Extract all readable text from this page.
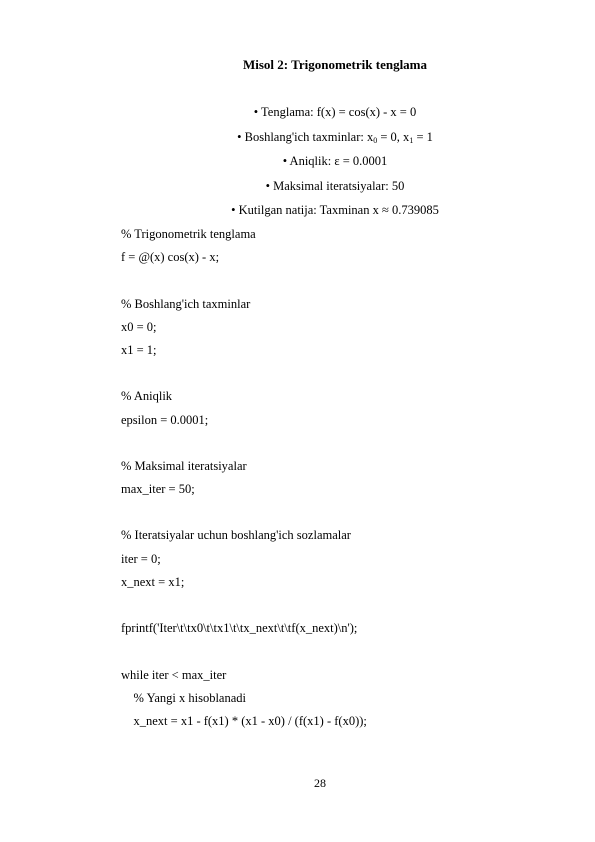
Misol 2: Trigonometrik tenglama
• Tenglama: f(x) = cos(x) - x = 0
• Boshlang'ich taxminlar: $x_0 = 0$, $x_1 = 1$
• Aniqlik: ε = 0.0001
• Maksimal iteratsiyalar: 50
• Kutilgan natija: Taxminan x ≈ 0.739085
% Trigonometrik tenglama
f = @(x) cos(x) - x;
% Boshlang'ich taxminlar
x0 = 0;
x1 = 1;
% Aniqlik
epsilon = 0.0001;
% Maksimal iteratsiyalar
max_iter = 50;
% Iteratsiyalar uchun boshlang'ich sozlamalar
iter = 0;
x_next = x1;
fprintf('Iter\t\tx0\t\tx1\t\tx_next\t\tf(x_next)\n');
while iter < max_iter
% Yangi x hisoblanadi
x_next = x1 - f(x1) * (x1 - x0) / (f(x1) - f(x0));
28
